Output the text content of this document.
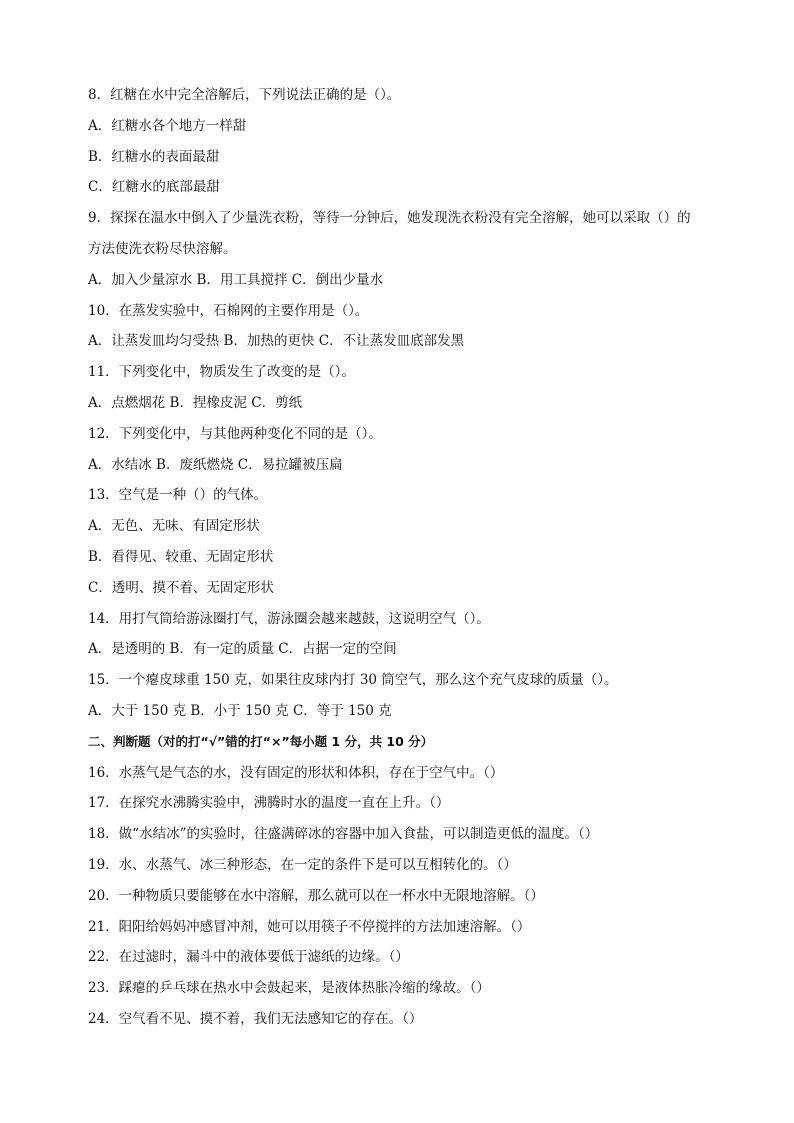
8．红糖在水中完全溶解后，下列说法正确的是（）。
A．红糖水各个地方一样甜
B．红糖水的表面最甜
C．红糖水的底部最甜
9．探探在温水中倒入了少量洗衣粉，等待一分钟后，她发现洗衣粉没有完全溶解，她可以采取（）的
方法使洗衣粉尽快溶解。
A．加入少量凉水 B．用工具搅拌 C．倒出少量水
10．在蒸发实验中，石棉网的主要作用是（）。
A．让蒸发皿均匀受热 B．加热的更快 C．不让蒸发皿底部发黑
11．下列变化中，物质发生了改变的是（）。
A．点燃烟花 B．捏橡皮泥 C．剪纸
12．下列变化中，与其他两种变化不同的是（）。
A．水结冰 B．废纸燃烧 C．易拉罐被压扁
13．空气是一种（）的气体。
A．无色、无味、有固定形状
B．看得见、较重、无固定形状
C．透明、摸不着、无固定形状
14．用打气筒给游泳圈打气，游泳圈会越来越鼓，这说明空气（）。
A．是透明的 B．有一定的质量 C．占据一定的空间
15．一个瘪皮球重 150 克，如果往皮球内打 30 筒空气，那么这个充气皮球的质量（）。
A．大于 150 克 B．小于 150 克 C．等于 150 克
二、判断题（对的打“√”错的打“×”每小题 1 分，共 10 分）
16．水蒸气是气态的水，没有固定的形状和体积，存在于空气中。（）
17．在探究水沸腾实验中，沸腾时水的温度一直在上升。（）
18．做“水结冰”的实验时，往盛满碎冰的容器中加入食盐，可以制造更低的温度。（）
19．水、水蒸气、冰三种形态，在一定的条件下是可以互相转化的。（）
20．一种物质只要能够在水中溶解，那么就可以在一杯水中无限地溶解。（）
21．阳阳给妈妈冲感冒冲剂，她可以用筷子不停搅拌的方法加速溶解。（）
22．在过滤时，漏斗中的液体要低于滤纸的边缘。（）
23．踩瘪的乒乓球在热水中会鼓起来，是液体热胀冷缩的缘故。（）
24．空气看不见、摸不着，我们无法感知它的存在。（）
